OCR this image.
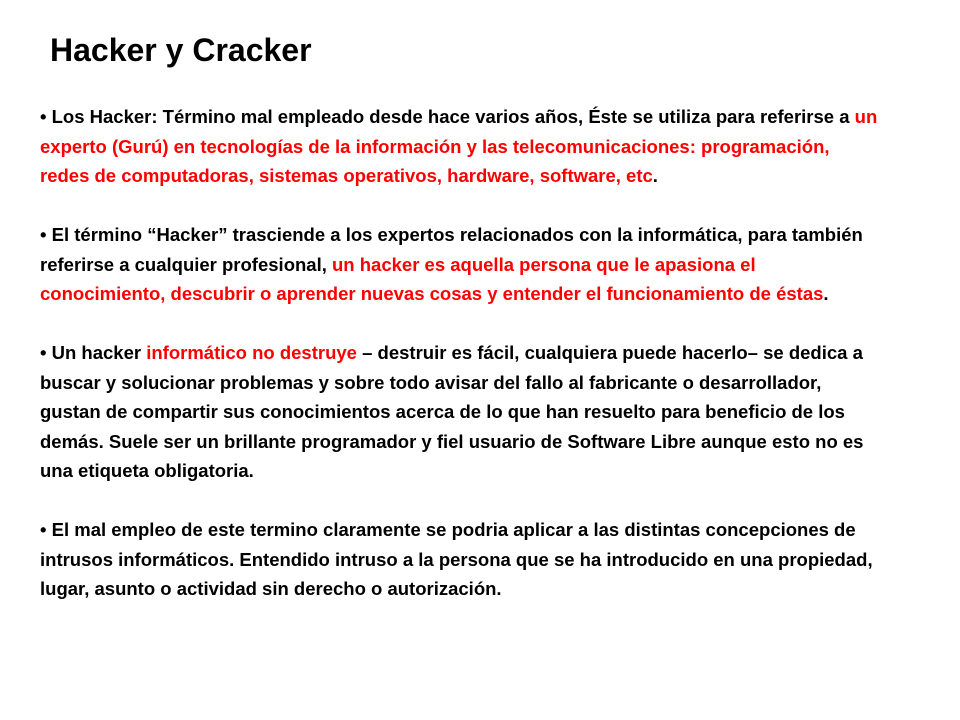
Hacker y Cracker

• Los Hacker: Término mal empleado desde hace varios años, Éste se utiliza para referirse a un experto (Gurú) en tecnologías de la información y las telecomunicaciones: programación, redes de computadoras, sistemas operativos, hardware, software, etc.

• El término “Hacker” trasciende a los expertos relacionados con la informática, para también referirse a cualquier profesional, un hacker es aquella persona que le apasiona el conocimiento, descubrir o aprender nuevas cosas y entender el funcionamiento de éstas.

• Un hacker informático no destruye – destruir es fácil, cualquiera puede hacerlo– se dedica a buscar y solucionar problemas y sobre todo avisar del fallo al fabricante o desarrollador, gustan de compartir sus conocimientos acerca de lo que han resuelto para beneficio de los demás. Suele ser un brillante programador y fiel usuario de Software Libre aunque esto no es una etiqueta obligatoria.

• El mal empleo de este termino claramente se podria aplicar a las distintas concepciones de intrusos informáticos. Entendido intruso a la persona que se ha introducido en una propiedad, lugar, asunto o actividad sin derecho o autorización.
